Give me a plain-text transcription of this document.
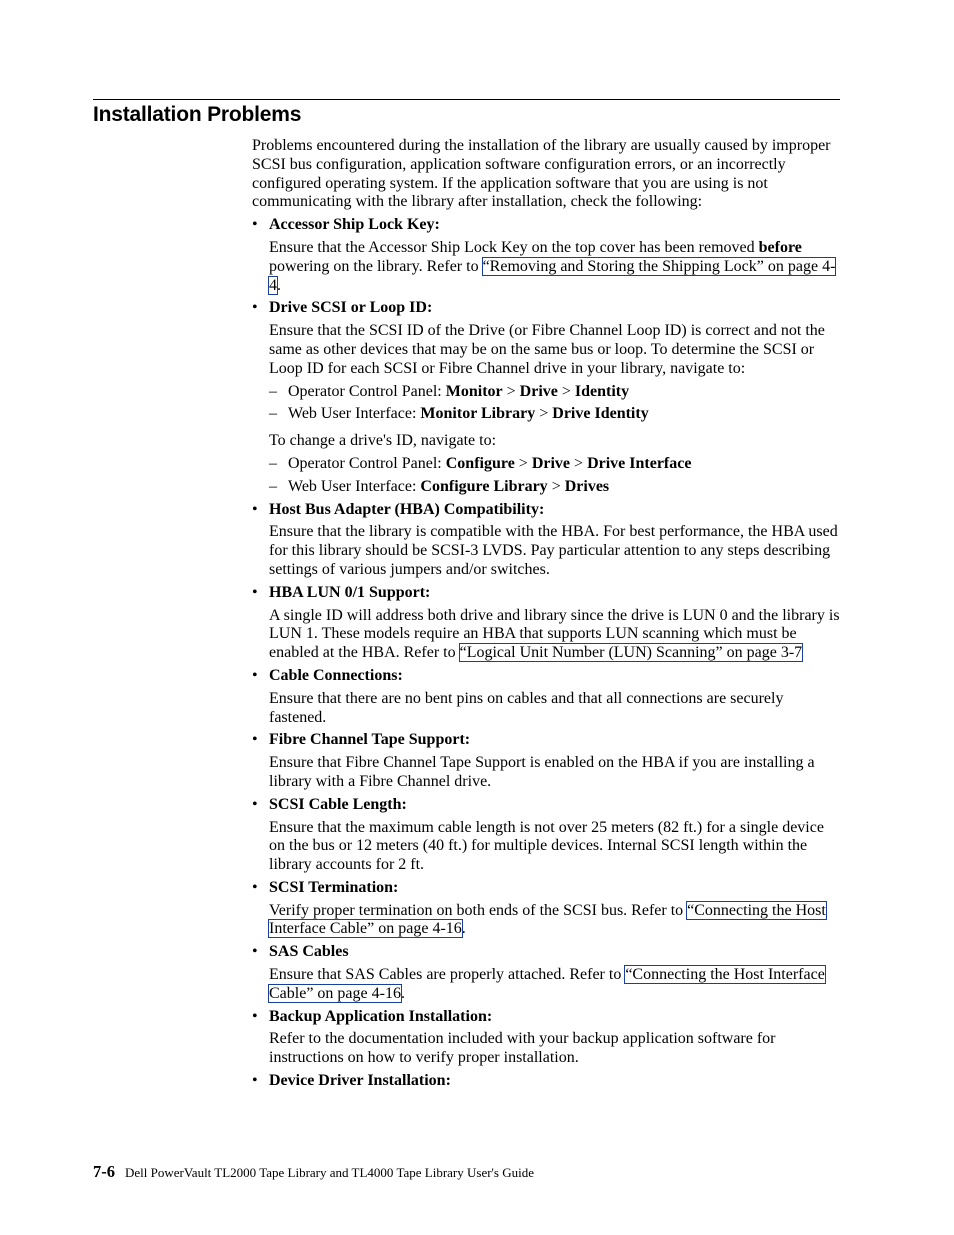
Installation Problems

Problems encountered during the installation of the library are usually caused by improper SCSI bus configuration, application software configuration errors, or an incorrectly configured operating system. If the application software that you are using is not communicating with the library after installation, check the following:

• Accessor Ship Lock Key:

Ensure that the Accessor Ship Lock Key on the top cover has been removed before powering on the library. Refer to “Removing and Storing the Shipping Lock” on page 4-4.

• Drive SCSI or Loop ID:

Ensure that the SCSI ID of the Drive (or Fibre Channel Loop ID) is correct and not the same as other devices that may be on the same bus or loop. To determine the SCSI or Loop ID for each SCSI or Fibre Channel drive in your library, navigate to:

– Operator Control Panel: Monitor > Drive > Identity

– Web User Interface: Monitor Library > Drive Identity

To change a drive's ID, navigate to:

– Operator Control Panel: Configure > Drive > Drive Interface

– Web User Interface: Configure Library > Drives

• Host Bus Adapter (HBA) Compatibility:

Ensure that the library is compatible with the HBA. For best performance, the HBA used for this library should be SCSI-3 LVDS. Pay particular attention to any steps describing settings of various jumpers and/or switches.

• HBA LUN 0/1 Support:

A single ID will address both drive and library since the drive is LUN 0 and the library is LUN 1. These models require an HBA that supports LUN scanning which must be enabled at the HBA. Refer to “Logical Unit Number (LUN) Scanning” on page 3-7

• Cable Connections:

Ensure that there are no bent pins on cables and that all connections are securely fastened.

• Fibre Channel Tape Support:

Ensure that Fibre Channel Tape Support is enabled on the HBA if you are installing a library with a Fibre Channel drive.

• SCSI Cable Length:

Ensure that the maximum cable length is not over 25 meters (82 ft.) for a single device on the bus or 12 meters (40 ft.) for multiple devices. Internal SCSI length within the library accounts for 2 ft.

• SCSI Termination:

Verify proper termination on both ends of the SCSI bus. Refer to “Connecting the Host Interface Cable” on page 4-16.

• SAS Cables

Ensure that SAS Cables are properly attached. Refer to “Connecting the Host Interface Cable” on page 4-16.

• Backup Application Installation:

Refer to the documentation included with your backup application software for instructions on how to verify proper installation.

• Device Driver Installation:

7-6 Dell PowerVault TL2000 Tape Library and TL4000 Tape Library User's Guide
